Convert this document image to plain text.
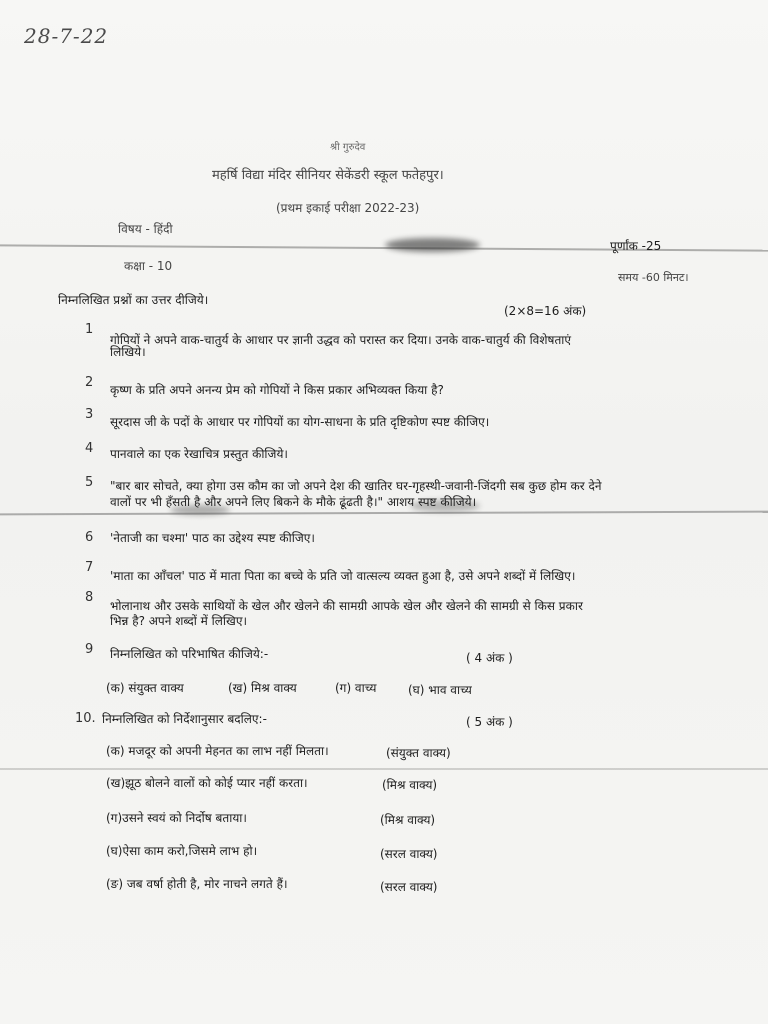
28-7-22
श्री गुरुदेव
महर्षि विद्या मंदिर सीनियर सेकेंडरी स्कूल फतेहपुर।
(प्रथम इकाई परीक्षा 2022-23)
विषय - हिंदी
पूर्णांक -25
कक्षा - 10
समय -60 मिनट।
निम्नलिखित प्रश्नों का उत्तर दीजिये।
(2×8=16 अंक)
1
गोपियों ने अपने वाक-चातुर्य के आधार पर ज्ञानी उद्धव को परास्त कर दिया। उनके वाक-चातुर्य की विशेषताएं
लिखिये।
2 कृष्ण के प्रति अपने अनन्य प्रेम को गोपियों ने किस प्रकार अभिव्यक्त किया है?
3 सूरदास जी के पदों के आधार पर गोपियों का योग-साधना के प्रति दृष्टिकोण स्पष्ट कीजिए।
4 पानवाले का एक रेखाचित्र प्रस्तुत कीजिये।
5 "बार बार सोचते, क्या होगा उस कौम का जो अपने देश की खातिर घर-गृहस्थी-जवानी-जिंदगी सब कुछ होम कर देने
वालों पर भी हँसती है और अपने लिए बिकने के मौके ढूंढती है।" आशय स्पष्ट कीजिये।
6 'नेताजी का चश्मा' पाठ का उद्देश्य स्पष्ट कीजिए।
7
'माता का आँचल' पाठ में माता पिता का बच्चे के प्रति जो वात्सल्य व्यक्त हुआ है, उसे अपने शब्दों में लिखिए।
8
भोलानाथ और उसके साथियों के खेल और खेलने की सामग्री आपके खेल और खेलने की सामग्री से किस प्रकार
भिन्न है? अपने शब्दों में लिखिए।
9 निम्नलिखित को परिभाषित कीजिये:-	( 4 अंक )
(क) संयुक्त वाक्य	(ख) मिश्र वाक्य	(ग) वाच्य	(घ) भाव वाच्य
10. निम्नलिखित को निर्देशानुसार बदलिए:-	( 5 अंक )
(क) मजदूर को अपनी मेहनत का लाभ नहीं मिलता।	(संयुक्त वाक्य)
(ख)झूठ बोलने वालों को कोई प्यार नहीं करता।	(मिश्र वाक्य)
(ग)उसने स्वयं को निर्दोष बताया।	(मिश्र वाक्य)
(घ)ऐसा काम करो,जिसमे लाभ हो।	(सरल वाक्य)
(ङ) जब वर्षा होती है, मोर नाचने लगते हैं।	(सरल वाक्य)
